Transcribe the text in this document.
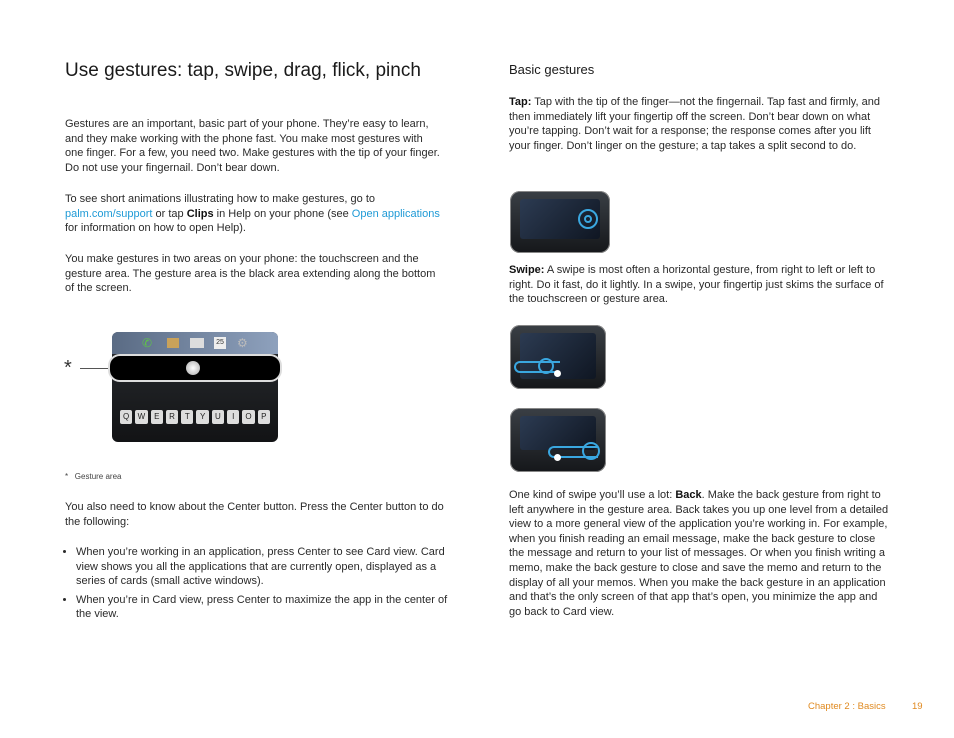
Use gestures: tap, swipe, drag, flick, pinch

Gestures are an important, basic part of your phone. They’re easy to learn, and they make working with the phone fast. You make most gestures with one finger. For a few, you need two. Make gestures with the tip of your finger. Do not use your fingernail. Don’t bear down.

To see short animations illustrating how to make gestures, go to
palm.com/support or tap Clips in Help on your phone (see Open applications for information on how to open Help).

You make gestures in two areas on your phone: the touchscreen and the gesture area. The gesture area is the black area extending along the bottom of the screen.

*
✆	25 ⚙
Q	W	E	R	T	Y	U	I	O	P
* Gesture area

You also need to know about the Center button. Press the Center button to do the following:

• When you’re working in an application, press Center to see Card view. Card view shows you all the applications that are currently open, displayed as a series of cards (small active windows).
• When you’re in Card view, press Center to maximize the app in the center of the view.
Basic gestures

Tap: Tap with the tip of the finger—not the fingernail. Tap fast and firmly, and then immediately lift your fingertip off the screen. Don’t bear down on what you’re tapping. Don’t wait for a response; the response comes after you lift your finger. Don’t linger on the gesture; a tap takes a split second to do.

Swipe: A swipe is most often a horizontal gesture, from right to left or left to right. Do it fast, do it lightly. In a swipe, your fingertip just skims the surface of the touchscreen or gesture area.

One kind of swipe you’ll use a lot: Back. Make the back gesture from right to left anywhere in the gesture area. Back takes you up one level from a detailed view to a more general view of the application you’re working in. For example, when you finish reading an email message, make the back gesture to close the message and return to your list of messages. Or when you finish writing a memo, make the back gesture to close and save the memo and return to the display of all your memos. When you make the back gesture in an application and that’s the only screen of that app that’s open, you minimize the app and go back to Card view.

Chapter 2 : Basics	19
